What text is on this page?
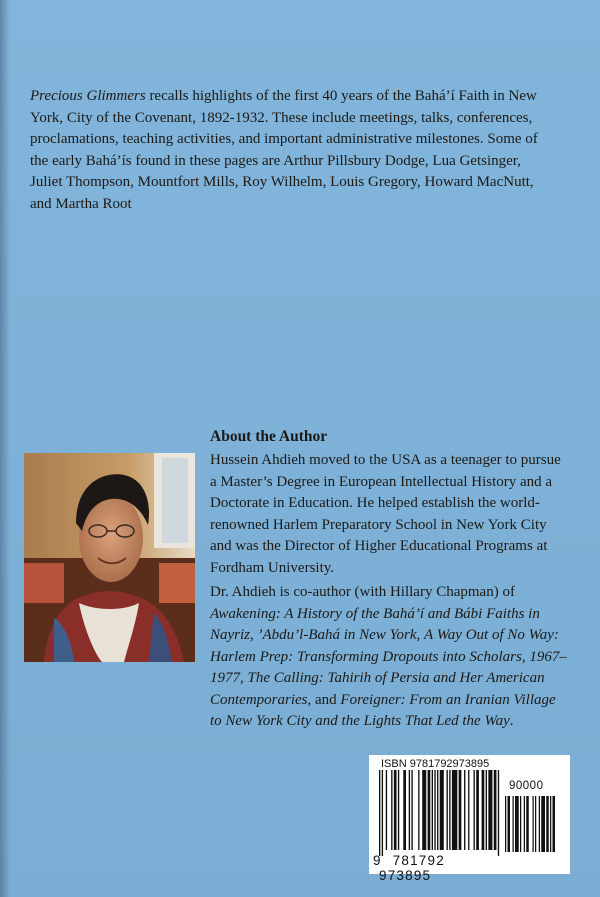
Precious Glimmers recalls highlights of the first 40 years of the Bahá’í Faith in New York, City of the Covenant, 1892-1932. These include meetings, talks, conferences, proclamations, teaching activities, and important administrative milestones. Some of the early Bahá’ís found in these pages are Arthur Pillsbury Dodge, Lua Getsinger, Juliet Thompson, Mountfort Mills, Roy Wilhelm, Louis Gregory, Howard MacNutt, and Martha Root

About the Author

Hussein Ahdieh moved to the USA as a teenager to pursue a Master’s Degree in European Intellectual History and a Doctorate in Education. He helped establish the world-renowned Harlem Preparatory School in New York City and was the Director of Higher Educational Programs at Fordham University.

Dr. Ahdieh is co-author (with Hillary Chapman) of Awakening: A History of the Bahá’í and Bábi Faiths in Nayriz, ’Abdu’l-Bahá in New York, A Way Out of No Way: Harlem Prep: Transforming Dropouts into Scholars, 1967–1977, The Calling: Tahirih of Persia and Her American Contemporaries, and Foreigner: From an Iranian Village to New York City and the Lights That Led the Way.

ISBN 9781792973895
90000
9 781792 973895
